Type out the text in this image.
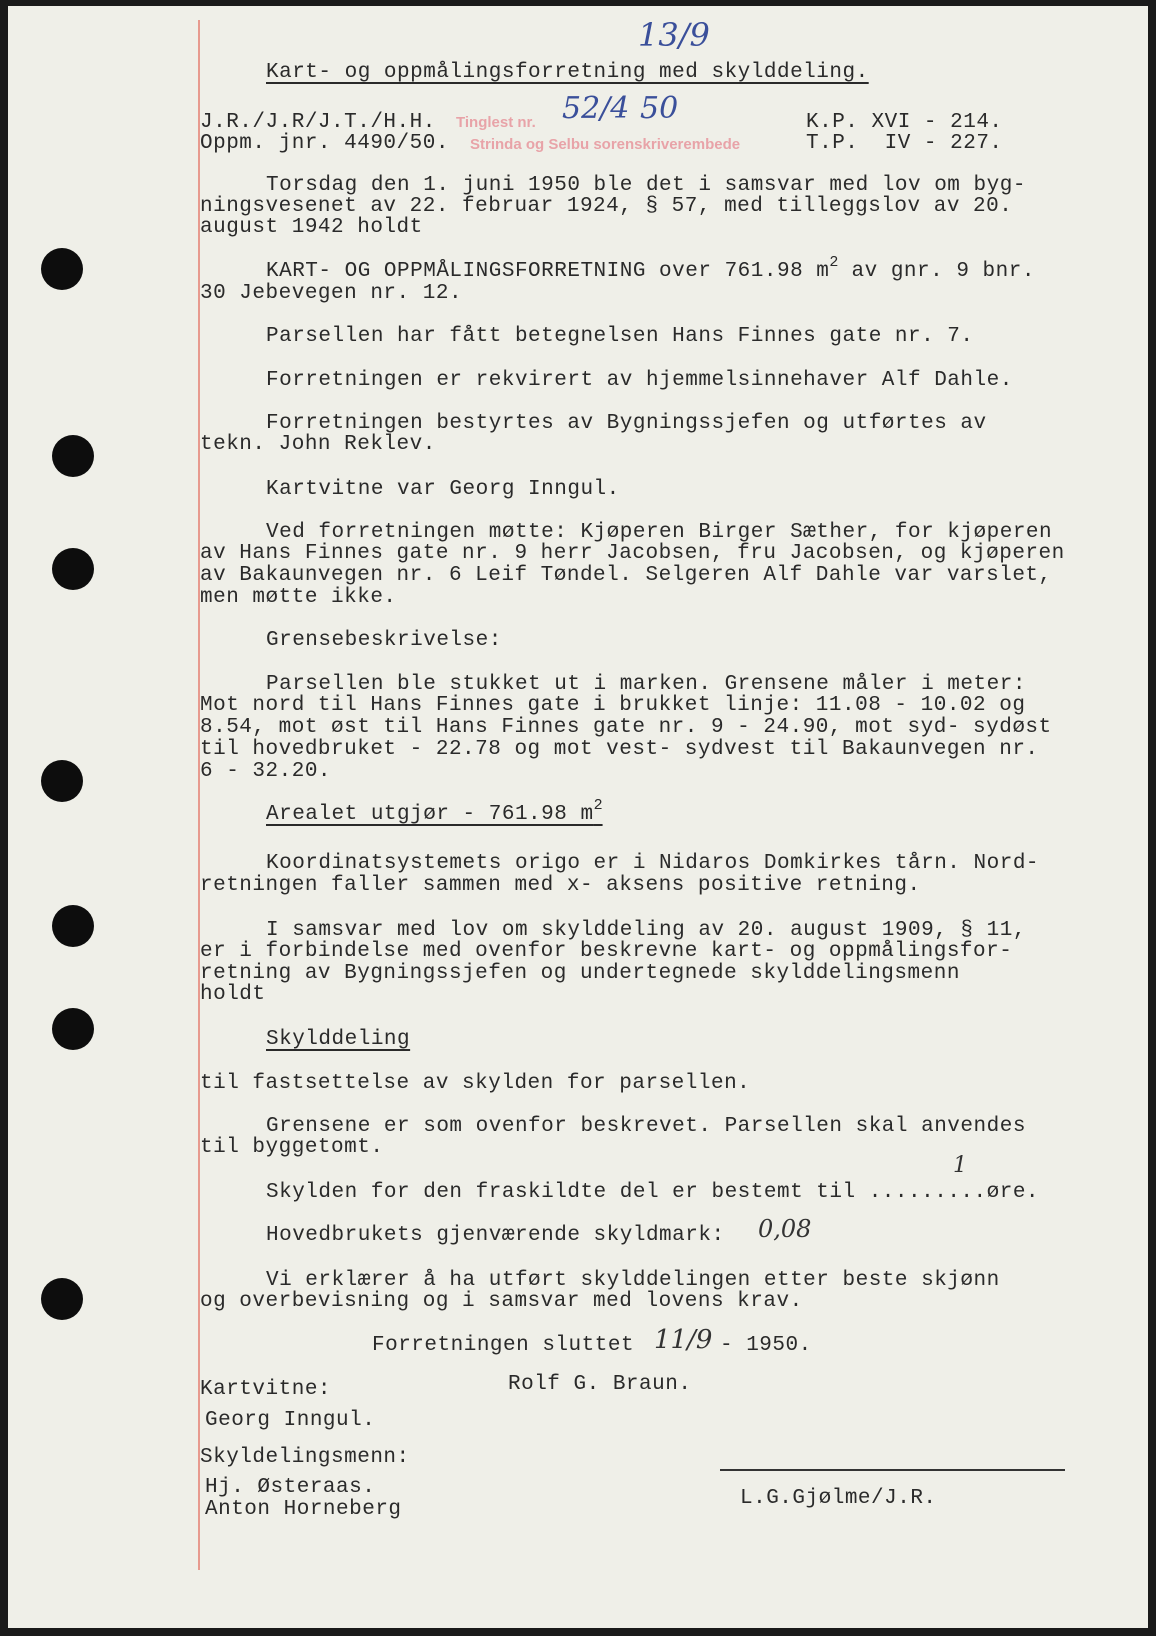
13/9
Kart- og oppmålingsforretning med skylddeling.
J.R./J.R/J.T./H.H.
Oppm. jnr. 4490/50.
Tinglest nr.
Strinda og Selbu sorenskriverembede
52/4 50	K.P. XVI - 214.
T.P.  IV - 227.
Torsdag den 1. juni 1950 ble det i samsvar med lov om byg-
ningsvesenet av 22. februar 1924, § 57, med tilleggslov av 20.
august 1942 holdt
KART- OG OPPMÅLINGSFORRETNING over 761.98 $m^2$ av gnr. 9 bnr.
30 Jebevegen nr. 12.
Parsellen har fått betegnelsen Hans Finnes gate nr. 7.
Forretningen er rekvirert av hjemmelsinnehaver Alf Dahle.
Forretningen bestyrtes av Bygningssjefen og utførtes av
tekn. John Reklev.
Kartvitne var Georg Inngul.
Ved forretningen møtte: Kjøperen Birger Sæther, for kjøperen
av Hans Finnes gate nr. 9 herr Jacobsen, fru Jacobsen, og kjøperen
av Bakaunvegen nr. 6 Leif Tøndel. Selgeren Alf Dahle var varslet,
men møtte ikke.
Grensebeskrivelse:
Parsellen ble stukket ut i marken. Grensene måler i meter:
Mot nord til Hans Finnes gate i brukket linje: 11.08 - 10.02 og
8.54, mot øst til Hans Finnes gate nr. 9 - 24.90, mot syd- sydøst
til hovedbruket - 22.78 og mot vest- sydvest til Bakaunvegen nr.
6 - 32.20.
Arealet utgjør - 761.98 $m^2$
Koordinatsystemets origo er i Nidaros Domkirkes tårn. Nord-
retningen faller sammen med x- aksens positive retning.
I samsvar med lov om skylddeling av 20. august 1909, § 11,
er i forbindelse med ovenfor beskrevne kart- og oppmålingsfor-
retning av Bygningssjefen og undertegnede skylddelingsmenn
holdt
Skylddeling
til fastsettelse av skylden for parsellen.
Grensene er som ovenfor beskrevet. Parsellen skal anvendes
til byggetomt.
Skylden for den fraskildte del er bestemt til .........øre.
1
Hovedbrukets gjenværende skyldmark: 0,08
Vi erklærer å ha utført skylddelingen etter beste skjønn
og overbevisning og i samsvar med lovens krav.
Forretningen sluttet 11/9 - 1950.
Kartvitne:	Rolf G. Braun.
Georg Inngul.
Skyldelingsmenn:
Hj. Østeraas.
Anton Horneberg	L.G.Gjølme/J.R.
